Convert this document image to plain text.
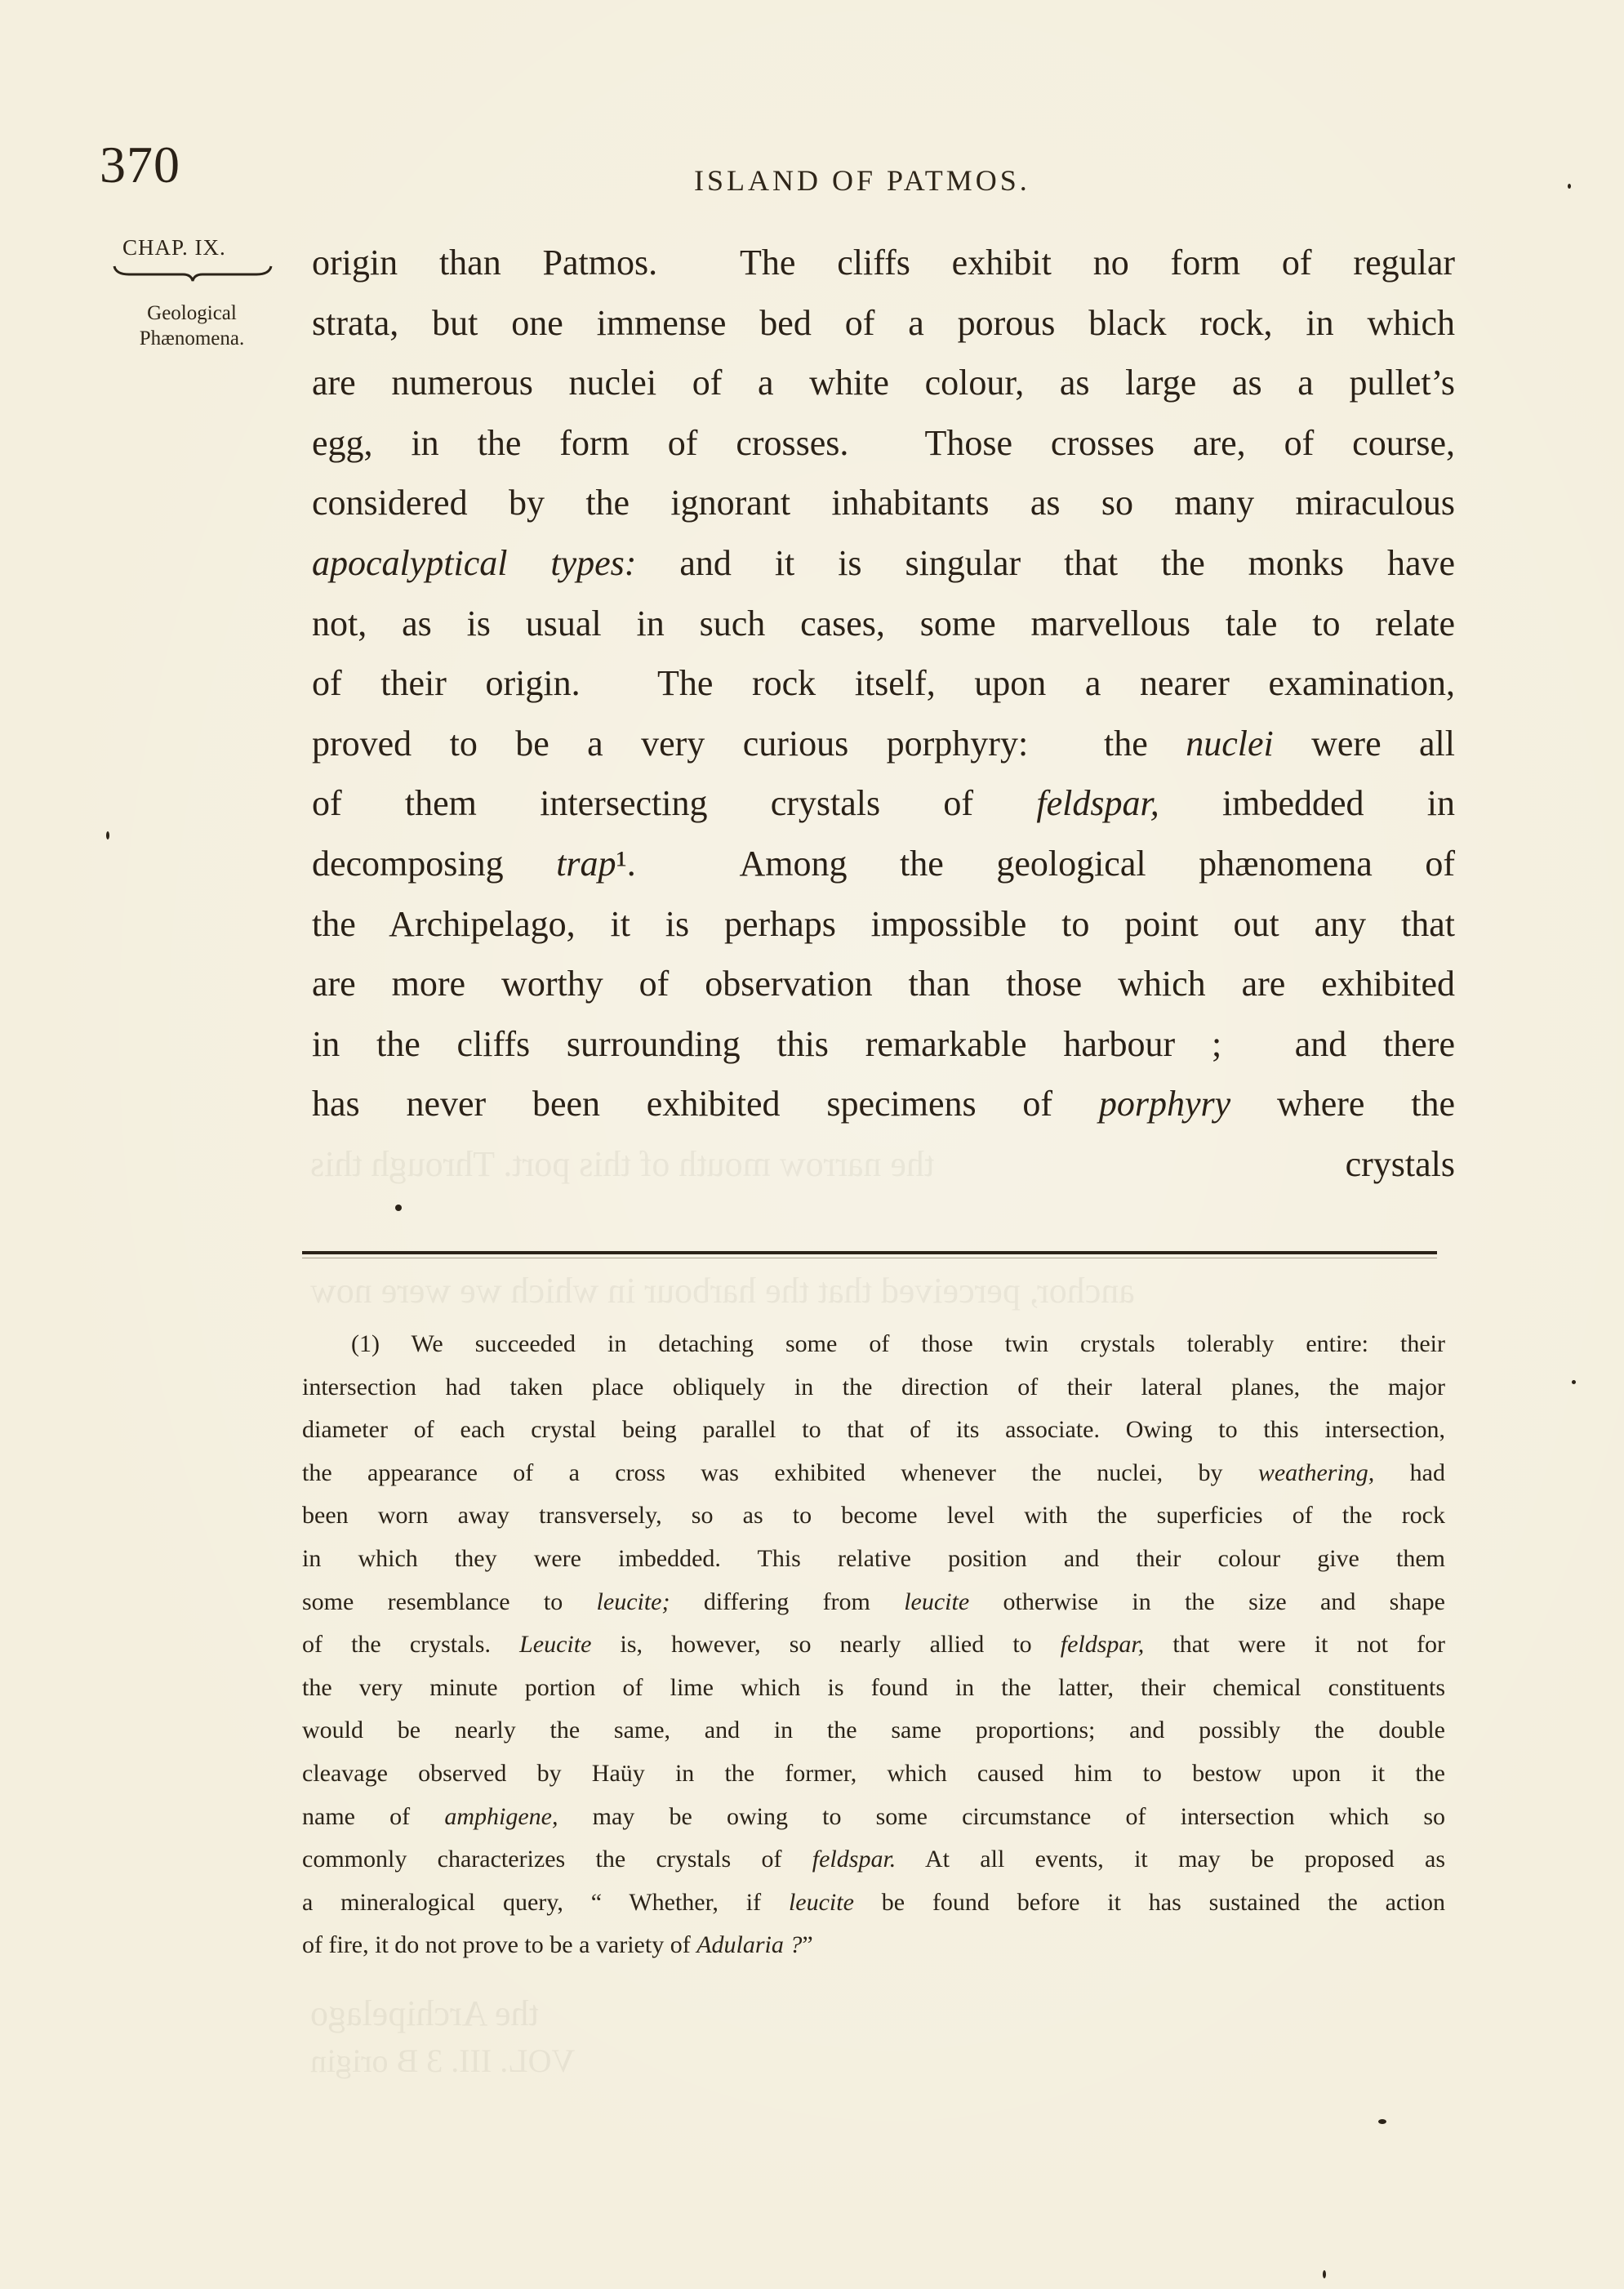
370	ISLAND OF PATMOS.
CHAP. IX.
Geological
Phænomena.
origin than Patmos.  The cliffs exhibit no form of regular
strata, but one immense bed of a porous black rock, in which
are numerous nuclei of a white colour, as large as a pullet’s
egg, in the form of crosses.  Those crosses are, of course,
considered by the ignorant inhabitants as so many miraculous
apocalyptical types: and it is singular that the monks have
not, as is usual in such cases, some marvellous tale to relate
of their origin.  The rock itself, upon a nearer examination,
proved to be a very curious porphyry:  the nuclei were all
of them intersecting crystals of feldspar, imbedded in
decomposing trap¹.  Among the geological phænomena of
the Archipelago, it is perhaps impossible to point out any that
are more worthy of observation than those which are exhibited
in the cliffs surrounding this remarkable harbour ;  and there
has never been exhibited specimens of porphyry where the
crystals
(1) We succeeded in detaching some of those twin crystals tolerably entire: their
intersection had taken place obliquely in the direction of their lateral planes, the major
diameter of each crystal being parallel to that of its associate. Owing to this intersection,
the appearance of a cross was exhibited whenever the nuclei, by weathering, had
been worn away transversely, so as to become level with the superficies of the rock
in which they were imbedded. This relative position and their colour give them
some resemblance to leucite; differing from leucite otherwise in the size and shape
of the crystals. Leucite is, however, so nearly allied to feldspar, that were it not for
the very minute portion of lime which is found in the latter, their chemical constituents
would be nearly the same, and in the same proportions; and possibly the double
cleavage observed by Haüy in the former, which caused him to bestow upon it the
name of amphigene, may be owing to some circumstance of intersection which so
commonly characterizes the crystals of feldspar. At all events, it may be proposed as
a mineralogical query, “ Whether, if leucite be found before it has sustained the action
of fire, it do not prove to be a variety of Adularia ?”
the narrow mouth of this port. Through this
anchor, perceived that the harbour in which we were now
the Archipelago
VOL. III. 3 B origin
